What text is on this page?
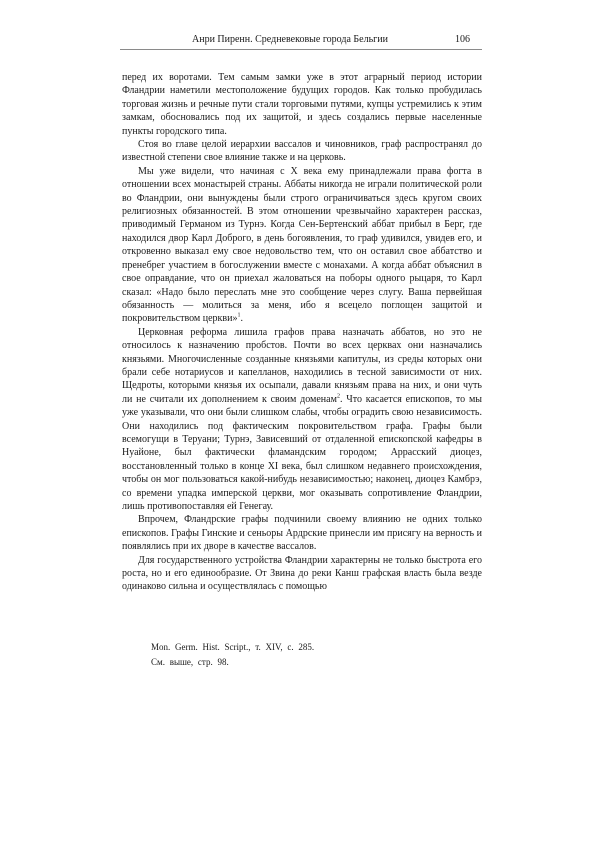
Анри Пиренн. Средневековые города Бельгии	106

перед их воротами. Тем самым замки уже в этот аграрный период истории Фландрии наметили местоположение будущих городов. Как только пробудилась торговая жизнь и речные пути стали торговыми путями, купцы устремились к этим замкам, обосновались под их защитой, и здесь создались первые населенные пункты городского типа.

Стоя во главе целой иерархии вассалов и чиновников, граф распространял до известной степени свое влияние также и на церковь.

Мы уже видели, что начиная с X века ему принадлежали права фогта в отношении всех монастырей страны. Аббаты никогда не играли политической роли во Фландрии, они вынуждены были строго ограничиваться здесь кругом своих религиозных обязанностей. В этом отношении чрезвычайно характерен рассказ, приводимый Германом из Турнэ. Когда Сен-Бертенский аббат прибыл в Берг, где находился двор Карл Доброго, в день богоявления, то граф удивился, увидев его, и откровенно выказал ему свое недовольство тем, что он оставил свое аббатство и пренебрег участием в богослужении вместе с монахами. А когда аббат объяснил в свое оправдание, что он приехал жаловаться на поборы одного рыцаря, то Карл сказал: «Надо было переслать мне это сообщение через слугу. Ваша первейшая обязанность — молиться за меня, ибо я всецело поглощен защитой и покровительством церкви»$^1$.

Церковная реформа лишила графов права назначать аббатов, но это не относилось к назначению пробстов. Почти во всех церквах они назначались князьями. Многочисленные созданные князьями капитулы, из среды которых они брали себе нотариусов и капелланов, находились в тесной зависимости от них. Щедроты, которыми князья их осыпали, давали князьям права на них, и они чуть ли не считали их дополнением к своим доменам$^2$. Что касается епископов, то мы уже указывали, что они были слишком слабы, чтобы оградить свою независимость. Они находились под фактическим покровительством графа. Графы были всемогущи в Теруани; Турнэ, Зависевший от отдаленной епископской кафедры в Нуайоне, был фактически фламандским городом; Аррасский диоцез, восстановленный только в конце XI века, был слишком недавнего происхождения, чтобы он мог пользоваться какой-нибудь независимостью; наконец, диоцез Камбрэ, со времени упадка имперской церкви, мог оказывать сопротивление Фландрии, лишь противопоставляя ей Генегау.

Впрочем, Фландрские графы подчинили своему влиянию не одних только епископов. Графы Гинские и сеньоры Ардрские принесли им присягу на верность и появлялись при их дворе в качестве вассалов.

Для государственного устройства Фландрии характерны не только быстрота его роста, но и его единообразие. От Звина до реки Канш графская власть была везде одинаково сильна и осуществлялась с помощью

Mon. Germ. Hist. Script., т. XIV, с. 285.
См. выше, стр. 98.
